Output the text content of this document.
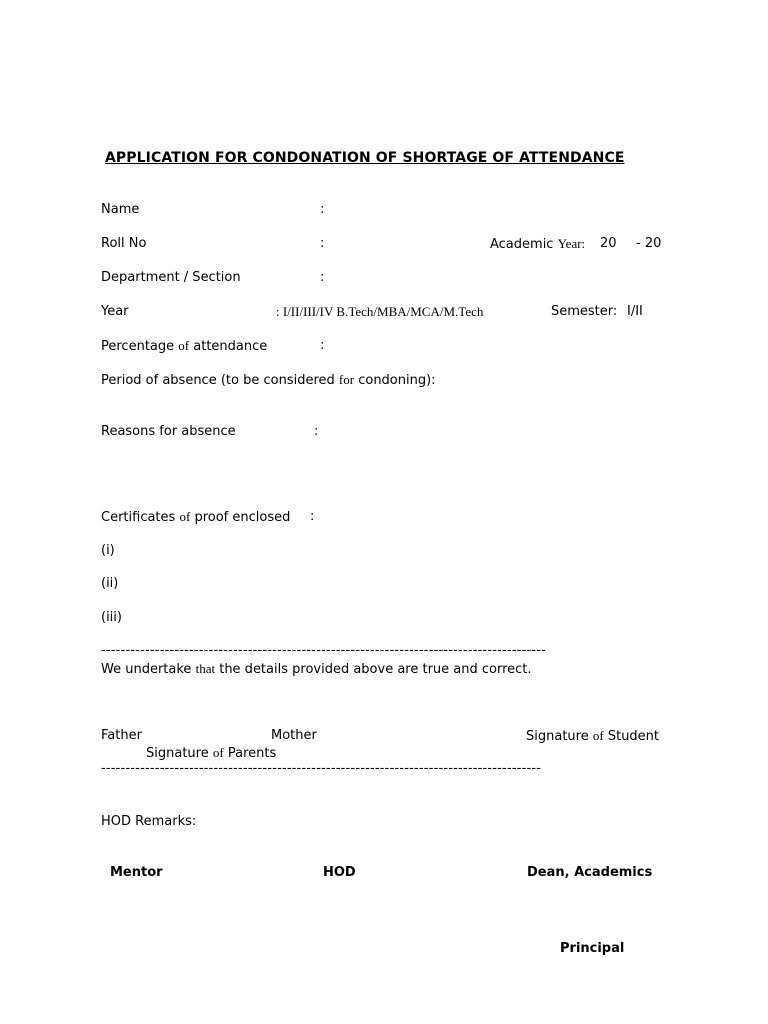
APPLICATION FOR CONDONATION OF SHORTAGE OF ATTENDANCE
Name	:
Roll No	:	Academic Year: 20 - 20
Department / Section	:
Year	: I/II/III/IV B.Tech/MBA/MCA/M.Tech	Semester: I/II
Percentage of attendance	:
Period of absence (to be considered for condoning):
Reasons for absence	:
Certificates of proof enclosed :
(i)
(ii)
(iii)
-------------------------------------------------------------------------------------------
We undertake that the details provided above are true and correct.
Father	Mother	Signature of Student
Signature of Parents
------------------------------------------------------------------------------------------
HOD Remarks:
Mentor	HOD	Dean, Academics
Principal
